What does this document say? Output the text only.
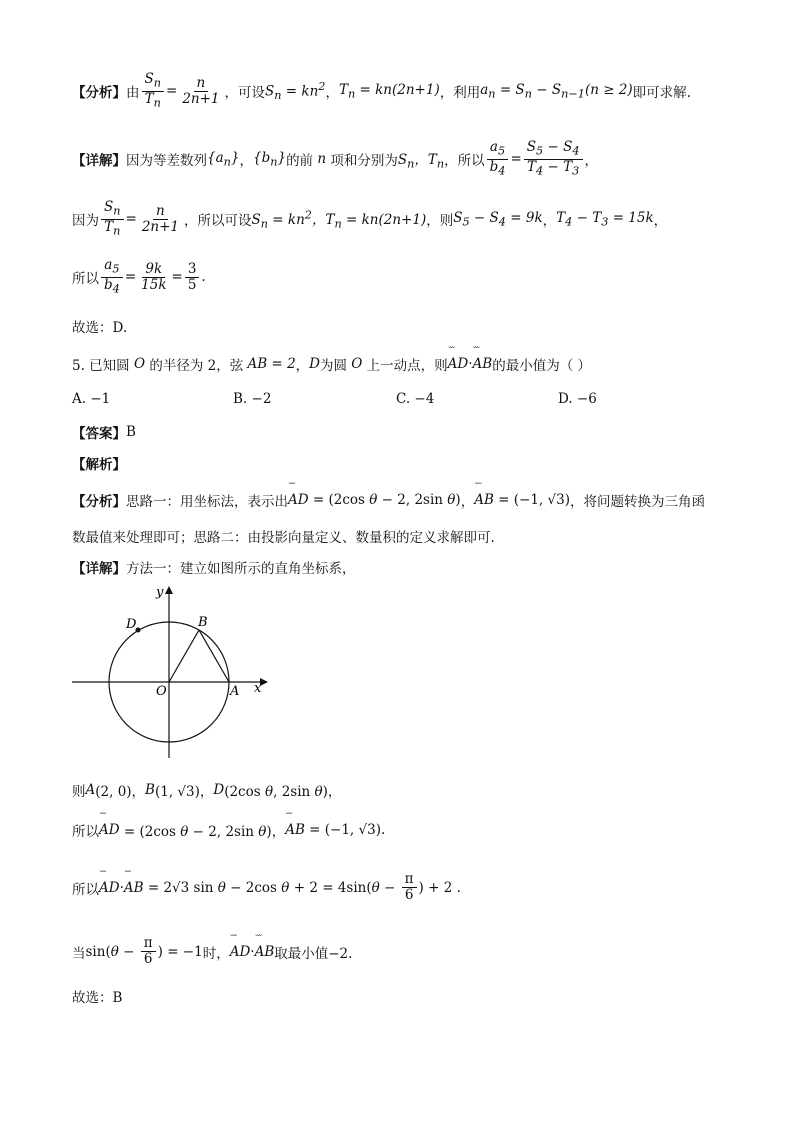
【分析】 由 $\frac{S_n}{T_n} = \frac{n}{2n+1}$ ，可设 $S_n = kn^2$ ， $T_n = kn(2n+1)$ ，利用 $a_n = S_n - S_{n-1}(n \ge 2)$ 即可求解.
【详解】 因为等差数列 $\{a_n\}$ ， $\{b_n\}$ 的前 n 项和分别为 $S_n$，$T_n$ ，所以 $\frac{a_5}{b_4} = \frac{S_5 - S_4}{T_4 - T_3}$ ，
因为 $\frac{S_n}{T_n} = \frac{n}{2n+1}$ ，所以可设 $S_n = kn^2$，$T_n = kn(2n+1)$ ，则 $S_5 - S_4 = 9k$ ， $T_4 - T_3 = 15k$ ，
所以 $\frac{a_5}{b_4} = \frac{9k}{15k} = \frac{3}{5}$ .
故选：D.
5. 已知圆 O 的半径为 2，弦 AB = 2 ， D 为圆 O 上一动点，则 ˘˘˘ AD · ˘˘˘ AB 的最小值为（ ）
A. −1	B. −2	C. −4	D. −6
【答案】 B
【解析】
【分析】 思路一：用坐标法，表示出 ˘˘˘ AD = (2cos θ − 2, 2sin θ) ， ˘˘˘ AB = (−1, √3) ，将问题转换为三角函
数最值来处理即可；思路二：由投影向量定义、数量积的定义求解即可.
【详解】 方法一：建立如图所示的直角坐标系，
y
D	B
O	A x
则 A (2, 0)， B (1, √3)， D (2cos θ, 2sin θ)，
所以 ˘˘˘ AD = (2cos θ − 2, 2sin θ)， ˘˘˘ AB = (−1, √3).
所以 ˘˘˘ AD · ˘˘˘ AB = 2√3 sin θ − 2cos $\theta + 2 = 4\sin(\theta - \frac{\pi}{6}$ ) + 2 .
当 $\sin(\theta - \frac{\pi}{6}$ ) = −1 时， ˘˘˘ AD · ˘˘˘ AB 取最小值−2.
故选：B
